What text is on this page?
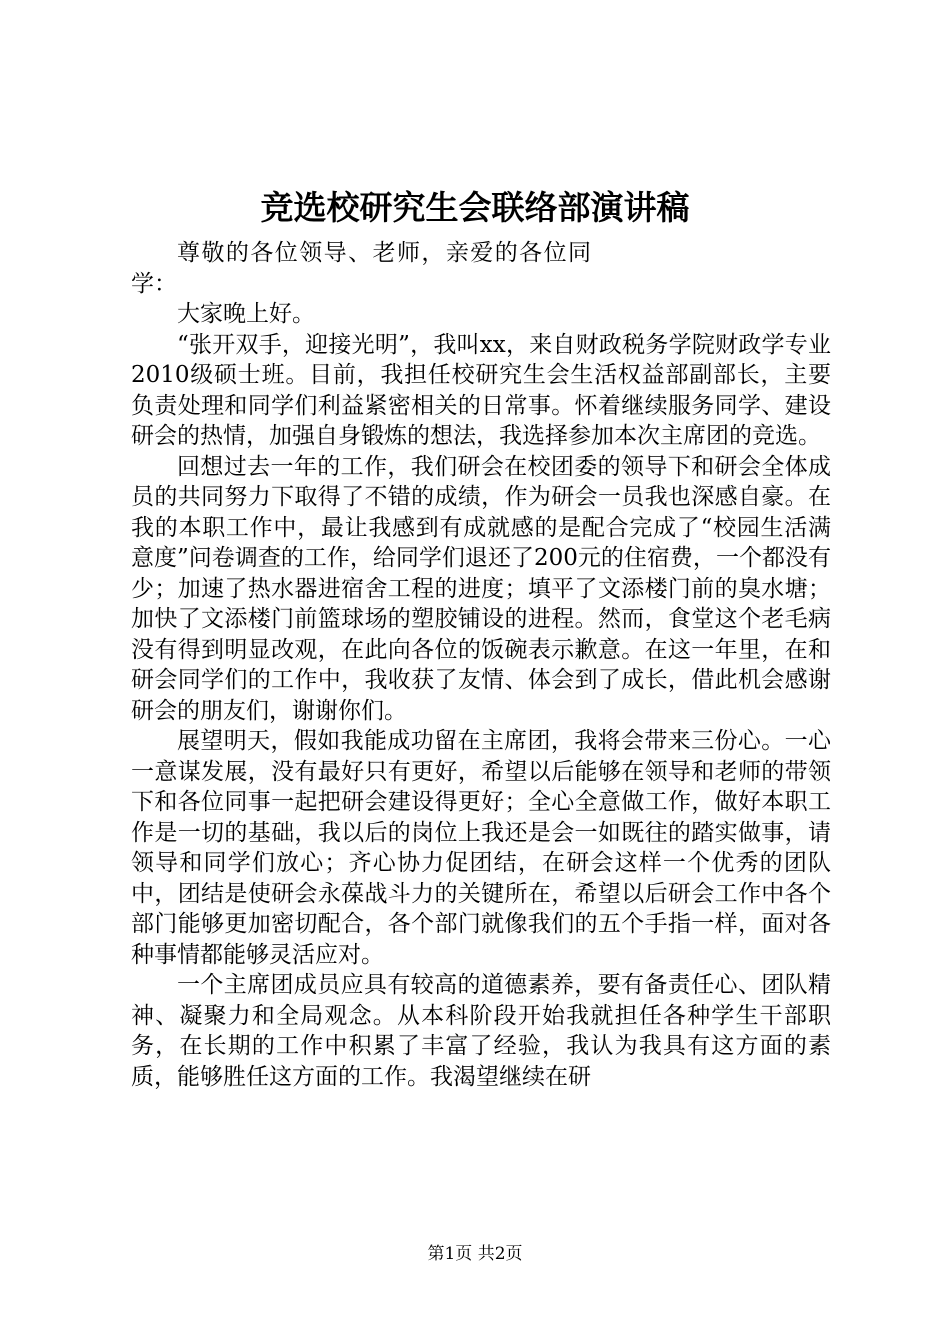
竞选校研究生会联络部演讲稿

尊敬的各位领导、老师，亲爱的各位同学：

大家晚上好。

“张开双手，迎接光明”，我叫xx，来自财政税务学院财政学专业2010级硕士班。目前，我担任校研究生会生活权益部副部长，主要负责处理和同学们利益紧密相关的日常事。怀着继续服务同学、建设研会的热情，加强自身锻炼的想法，我选择参加本次主席团的竞选。

回想过去一年的工作，我们研会在校团委的领导下和研会全体成员的共同努力下取得了不错的成绩，作为研会一员我也深感自豪。在我的本职工作中，最让我感到有成就感的是配合完成了“校园生活满意度”问卷调查的工作，给同学们退还了200元的住宿费，一个都没有少；加速了热水器进宿舍工程的进度；填平了文添楼门前的臭水塘；加快了文添楼门前篮球场的塑胶铺设的进程。然而，食堂这个老毛病没有得到明显改观，在此向各位的饭碗表示歉意。在这一年里，在和研会同学们的工作中，我收获了友情、体会到了成长，借此机会感谢研会的朋友们，谢谢你们。

展望明天，假如我能成功留在主席团，我将会带来三份心。一心一意谋发展，没有最好只有更好，希望以后能够在领导和老师的带领下和各位同事一起把研会建设得更好；全心全意做工作，做好本职工作是一切的基础，我以后的岗位上我还是会一如既往的踏实做事，请领导和同学们放心；齐心协力促团结，在研会这样一个优秀的团队中，团结是使研会永葆战斗力的关键所在，希望以后研会工作中各个部门能够更加密切配合，各个部门就像我们的五个手指一样，面对各种事情都能够灵活应对。

一个主席团成员应具有较高的道德素养，要有备责任心、团队精神、凝聚力和全局观念。从本科阶段开始我就担任各种学生干部职务，在长期的工作中积累了丰富了经验，我认为我具有这方面的素质，能够胜任这方面的工作。我渴望继续在研

第1页 共2页
